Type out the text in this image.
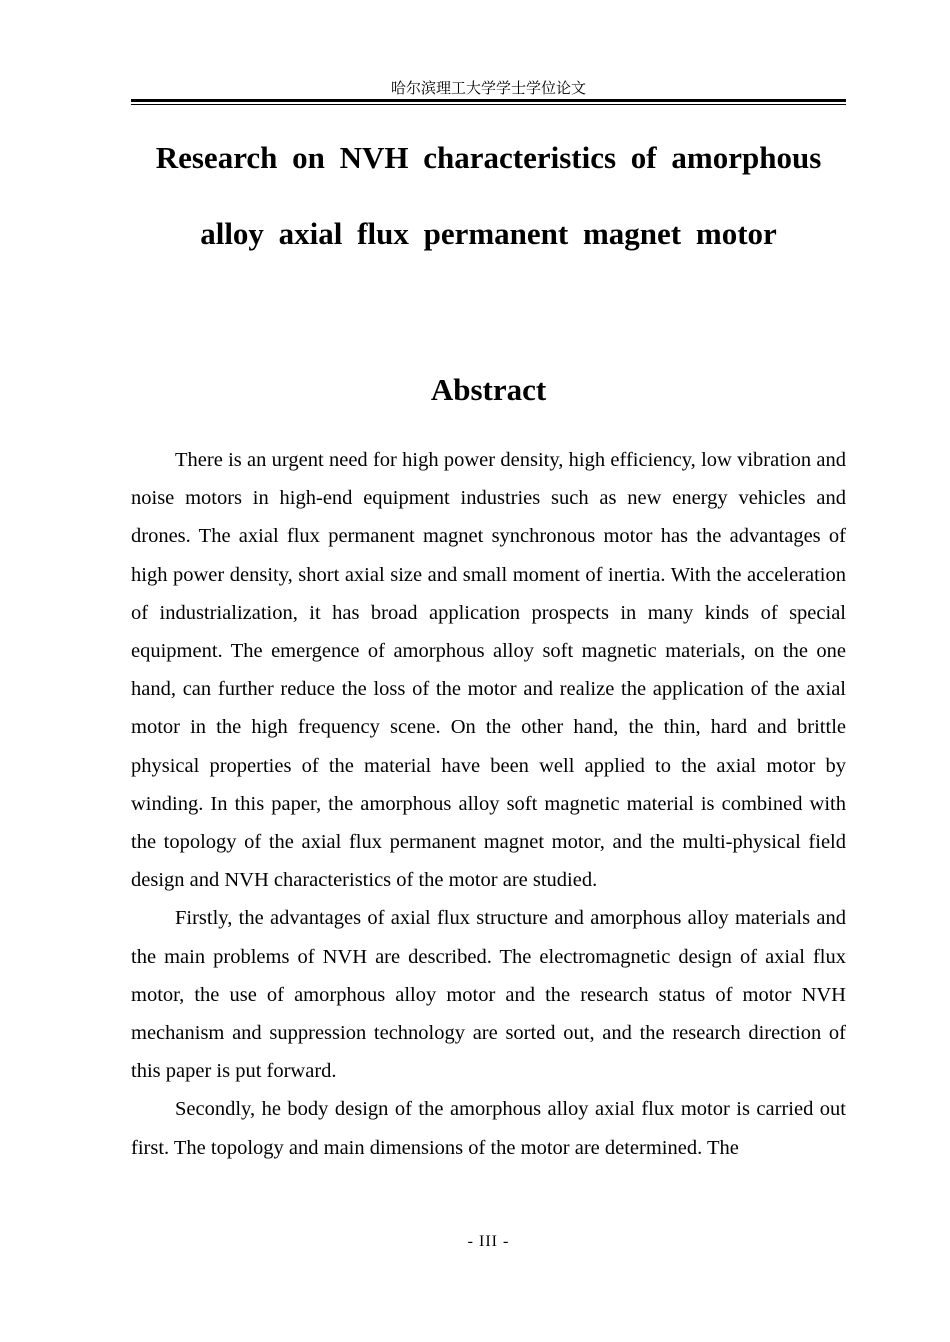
哈尔滨理工大学学士学位论文
Research on NVH characteristics of amorphous alloy axial flux permanent magnet motor
Abstract

There is an urgent need for high power density, high efficiency, low vibration and noise motors in high-end equipment industries such as new energy vehicles and drones. The axial flux permanent magnet synchronous motor has the advantages of high power density, short axial size and small moment of inertia. With the acceleration of industrialization, it has broad application prospects in many kinds of special equipment. The emergence of amorphous alloy soft magnetic materials, on the one hand, can further reduce the loss of the motor and realize the application of the axial motor in the high frequency scene. On the other hand, the thin, hard and brittle physical properties of the material have been well applied to the axial motor by winding. In this paper, the amorphous alloy soft magnetic material is combined with the topology of the axial flux permanent magnet motor, and the multi-physical field design and NVH characteristics of the motor are studied.

Firstly, the advantages of axial flux structure and amorphous alloy materials and the main problems of NVH are described. The electromagnetic design of axial flux motor, the use of amorphous alloy motor and the research status of motor NVH mechanism and suppression technology are sorted out, and the research direction of this paper is put forward.

Secondly, he body design of the amorphous alloy axial flux motor is carried out first. The topology and main dimensions of the motor are determined. The

- III -
